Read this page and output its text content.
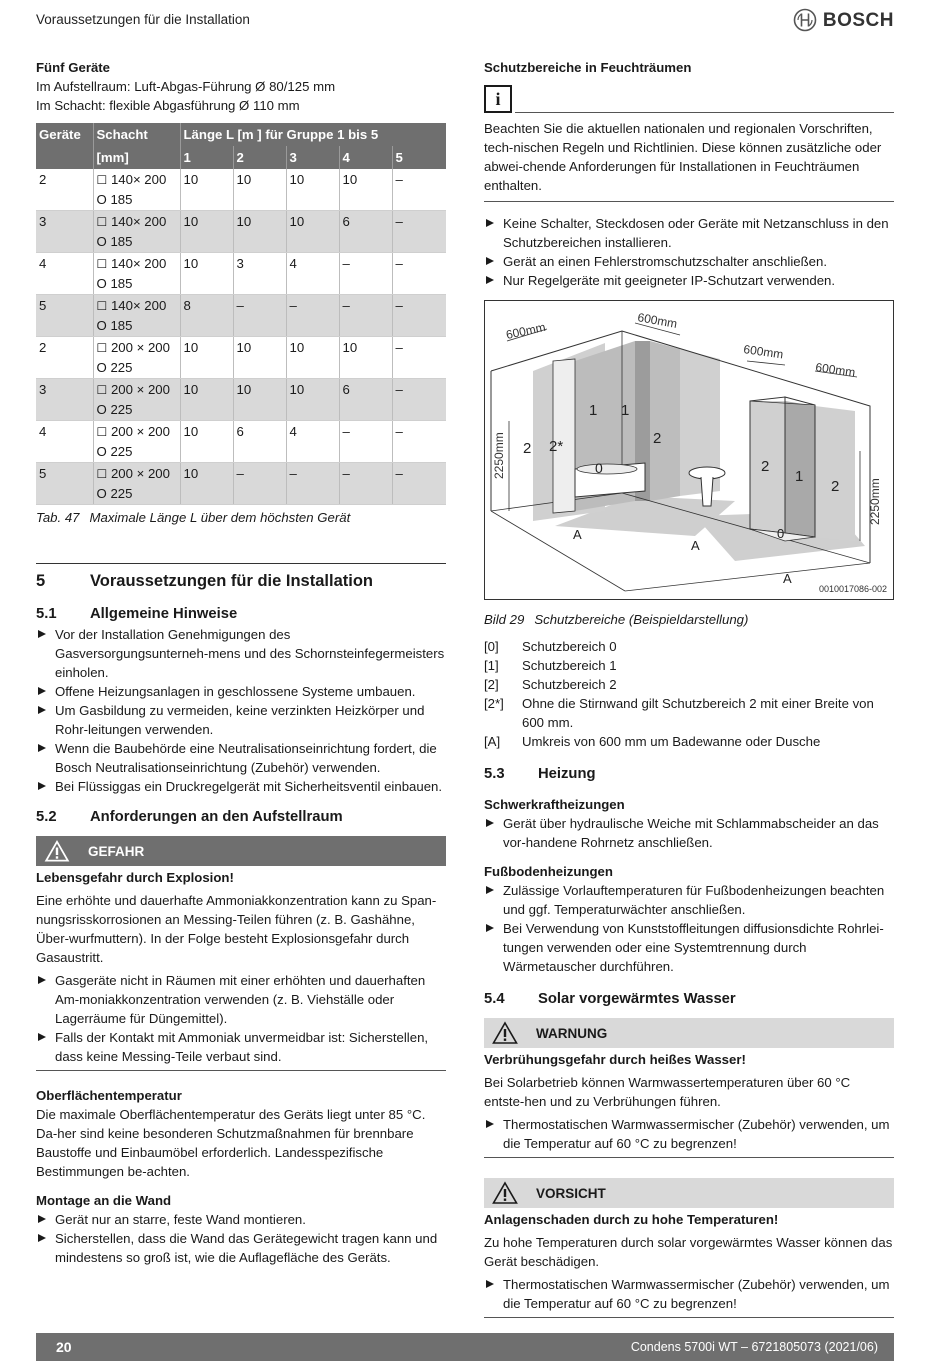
Voraussetzungen für die Installation	BOSCH

Fünf Geräte

Im Aufstellraum: Luft-Abgas-Führung Ø 80/125 mm

Im Schacht: flexible Abgasführung Ø 110 mm

Geräte	Schacht	Länge L [m ] für Gruppe 1 bis 5				
	[mm]	1	2	3	4	5
2	☐ 140× 200
O 185	10	10	10	10	–
3	☐ 140× 200
O 185	10	10	10	6	–
4	☐ 140× 200
O 185	10	3	4	–	–
5	☐ 140× 200
O 185	8	–	–	–	–
2	☐ 200 × 200
O 225	10	10	10	10	–
3	☐ 200 × 200
O 225	10	10	10	6	–
4	☐ 200 × 200
O 225	10	6	4	–	–
5	☐ 200 × 200
O 225	10	–	–	–	–

Tab. 47 Maximale Länge L über dem höchsten Gerät

5	Voraussetzungen für die Installation
5.1	Allgemeine Hinweise
Vor der Installation Genehmigungen des Gasversorgungsunterneh-mens und des Schornsteinfegermeisters einholen.
Offene Heizungsanlagen in geschlossene Systeme umbauen.
Um Gasbildung zu vermeiden, keine verzinkten Heizkörper und Rohr-leitungen verwenden.
Wenn die Baubehörde eine Neutralisationseinrichtung fordert, die Bosch Neutralisationseinrichtung (Zubehör) verwenden.
Bei Flüssiggas ein Druckregelgerät mit Sicherheitsventil einbauen.
5.2	Anforderungen an den Aufstellraum
GEFAHR

Lebensgefahr durch Explosion!

Eine erhöhte und dauerhafte Ammoniakkonzentration kann zu Span-nungsrisskorrosionen an Messing-Teilen führen (z. B. Gashähne, Über-wurfmuttern). In der Folge besteht Explosionsgefahr durch Gasaustritt.

Gasgeräte nicht in Räumen mit einer erhöhten und dauerhaften Am-moniakkonzentration verwenden (z. B. Viehställe oder Lagerräume für Düngemittel).
Falls der Kontakt mit Ammoniak unvermeidbar ist: Sicherstellen, dass keine Messing-Teile verbaut sind.

Oberflächentemperatur

Die maximale Oberflächentemperatur des Geräts liegt unter 85 °C. Da-her sind keine besonderen Schutzmaßnahmen für brennbare Baustoffe und Einbaumöbel erforderlich. Landesspezifische Bestimmungen be-achten.

Montage an die Wand

Gerät nur an starre, feste Wand montieren.
Sicherstellen, dass die Wand das Gerätegewicht tragen kann und mindestens so groß ist, wie die Auflagefläche des Geräts.

Schutzbereiche in Feuchträumen

i

Beachten Sie die aktuellen nationalen und regionalen Vorschriften, tech-nischen Regeln und Richtlinien. Diese können zusätzliche oder abwei-chende Anforderungen für Installationen in Feuchträumen enthalten.

Keine Schalter, Steckdosen oder Geräte mit Netzanschluss in den Schutzbereichen installieren.
Gerät an einen Fehlerstromschutzschalter anschließen.
Nur Regelgeräte mit geeigneter IP-Schutzart verwenden.
600mm	600mm
600mm
600mm
2250mm
2250mm
2 2*
1 1
2
0	2
1
2
0
A
A
A
0010017086-002

Bild 29 Schutzbereiche (Beispieldarstellung)

[0]	Schutzbereich 0
[1]	Schutzbereich 1
[2]	Schutzbereich 2
[2*]	Ohne die Stirnwand gilt Schutzbereich 2 mit einer Breite von 600 mm.
[A]	Umkreis von 600 mm um Badewanne oder Dusche
5.3	Heizung

Schwerkraftheizungen

Gerät über hydraulische Weiche mit Schlammabscheider an das vor-handene Rohrnetz anschließen.

Fußbodenheizungen

Zulässige Vorlauftemperaturen für Fußbodenheizungen beachten und ggf. Temperaturwächter anschließen.
Bei Verwendung von Kunststoffleitungen diffusionsdichte Rohrlei-tungen verwenden oder eine Systemtrennung durch Wärmetauscher durchführen.
5.4	Solar vorgewärmtes Wasser
WARNUNG

Verbrühungsgefahr durch heißes Wasser!

Bei Solarbetrieb können Warmwassertemperaturen über 60 °C entste-hen und zu Verbrühungen führen.

Thermostatischen Warmwassermischer (Zubehör) verwenden, um die Temperatur auf 60 °C zu begrenzen!
VORSICHT

Anlagenschaden durch zu hohe Temperaturen!

Zu hohe Temperaturen durch solar vorgewärmtes Wasser können das Gerät beschädigen.

Thermostatischen Warmwassermischer (Zubehör) verwenden, um die Temperatur auf 60 °C zu begrenzen!
20	Condens 5700i WT – 6721805073 (2021/06)
